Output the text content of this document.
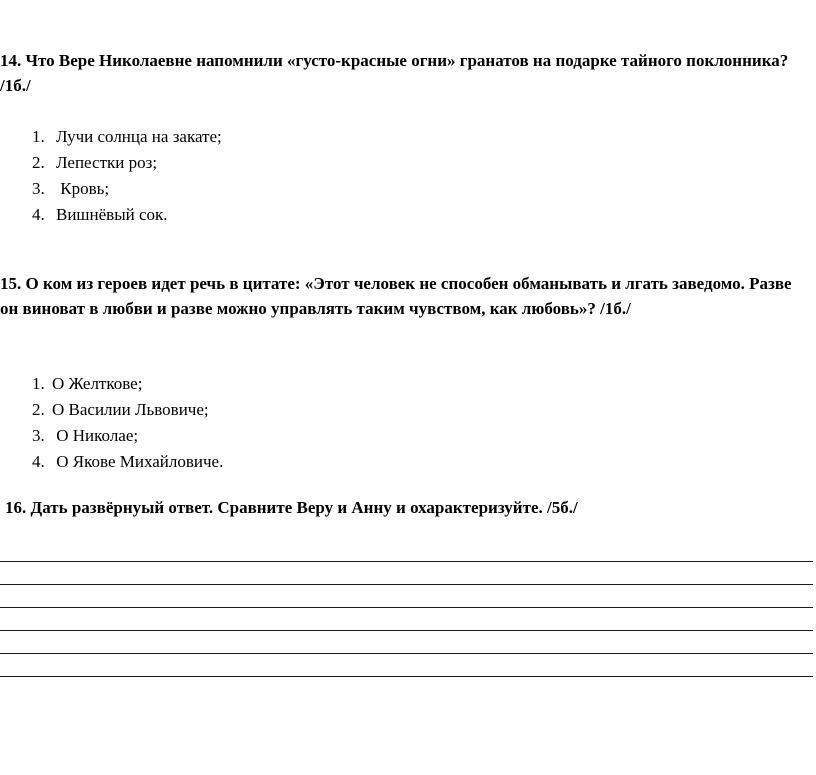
14. Что Вере Николаевне напомнили «густо-красные огни» гранатов на подарке тайного поклонника? /1б./

1. Лучи солнца на закате;
2. Лепестки роз;
3. Кровь;
4. Вишнёвый сок.

15. О ком из героев идет речь в цитате: «Этот человек не способен обманывать и лгать заведомо. Разве он виноват в любви и разве можно управлять таким чувством, как любовь»? /1б./

1. О Желткове;
2. О Василии Львовиче;
3. О Николае;
4. О Якове Михайловиче.

16. Дать развёрнуый ответ. Сравните Веру и Анну и охарактеризуйте. /5б./
